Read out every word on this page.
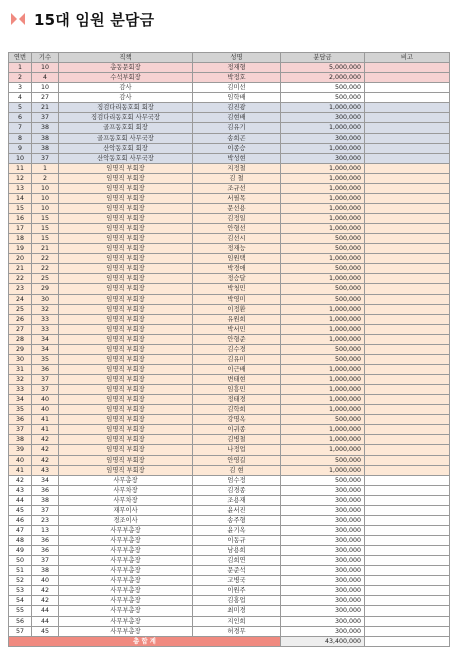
15대 임원 분담금
연번	기수	직책	성명	분담금	비고
1	10	총동문회장	정재형	5,000,000	
2	4	수석부회장	박정호	2,000,000	
3	10	감사	김미선	500,000	
4	27	감사	임학배	500,000	
5	21	징검다리동호회 회장	김진광	1,000,000	
6	37	징검다리동호회 사무국장	김현배	300,000	
7	38	골프동호회 회장	김유기	1,000,000	
8	38	골프동호회 사무국장	송희곤	300,000	
9	38	산악동호회 회장	이종승	1,000,000	
10	37	산악동호회 사무국장	박성현	300,000	
11	1	임명직 부회장	지정철	1,000,000	
12	2	임명직 부회장	김 철	1,000,000	
13	10	임명직 부회장	조규선	1,000,000	
14	10	임명직 부회장	서필목	1,000,000	
15	10	임명직 부회장	문선용	1,000,000	
16	15	임명직 부회장	김정일	1,000,000	
17	15	임명직 부회장	안형선	1,000,000	
18	15	임명직 부회장	김선시	500,000	
19	21	임명직 부회장	정재능	500,000	
20	22	임명직 부회장	임원택	1,000,000	
21	22	임명직 부회장	박경애	500,000	
22	25	임명직 부회장	정승달	1,000,000	
23	29	임명직 부회장	박청민	500,000	
24	30	임명직 부회장	박영미	500,000	
25	32	임명직 부회장	이정환	1,000,000	
26	33	임명직 부회장	유원희	1,000,000	
27	33	임명직 부회장	박서민	1,000,000	
28	34	임명직 부회장	안형준	1,000,000	
29	34	임명직 부회장	김수경	500,000	
30	35	임명직 부회장	김유미	500,000	
31	36	임명직 부회장	이근배	1,000,000	
32	37	임명직 부회장	변태현	1,000,000	
33	37	임명직 부회장	임흥민	1,000,000	
34	40	임명직 부회장	정태경	1,000,000	
35	40	임명직 부회장	김학희	1,000,000	
36	41	임명직 부회장	강명옥	500,000	
37	41	임명직 부회장	이귀종	1,000,000	
38	42	임명직 부회장	김병철	1,000,000	
39	42	임명직 부회장	나정업	1,000,000	
40	42	임명직 부회장	안영길	500,000	
41	43	임명직 부회장	김 현	1,000,000	
42	34	사무총장	엄수정	500,000	
43	36	사무차장	김경종	300,000	
44	38	사무차장	조용재	300,000	
45	37	재무이사	윤서진	300,000	
46	23	경조이사	송주형	300,000	
47	13	사무부총장	윤기옥	300,000	
48	36	사무부총장	이동규	300,000	
49	36	사무부총장	남용희	300,000	
50	37	사무부총장	김희연	300,000	
51	38	사무부총장	문준석	300,000	
52	40	사무부총장	고병국	300,000	
53	42	사무부총장	이원주	300,000	
54	42	사무부총장	김홍업	300,000	
55	44	사무부총장	최미경	300,000	
56	44	사무부총장	지인희	300,000	
57	45	사무부총장	허경무	300,000	
총 합 계				43,400,000	
